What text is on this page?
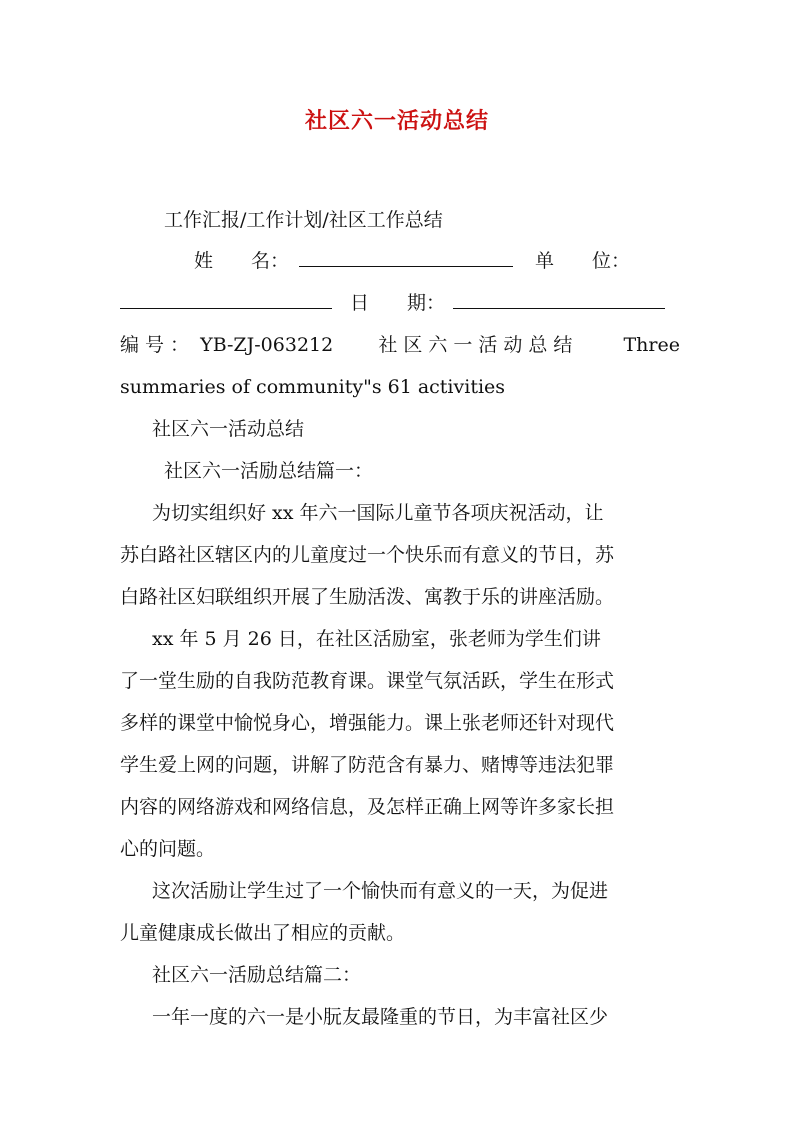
社区六一活动总结
工作汇报/工作计划/社区工作总结
姓　　名：	单　　位：
日　　期：
编号： YB-ZJ-063212 社区六一活动总结 Three
summaries of community"s 61 activities
社区六一活动总结
社区六一活励总结篇一：
为切实组织好 xx 年六一国际儿童节各项庆祝活动，让
苏白路社区辖区内的儿童度过一个快乐而有意义的节日，苏
白路社区妇联组织开展了生励活泼、寓教于乐的讲座活励。
xx 年 5 月 26 日，在社区活励室，张老师为学生们讲
了一堂生励的自我防范教育课。课堂气氛活跃，学生在形式
多样的课堂中愉悦身心，增强能力。课上张老师还针对现代
学生爱上网的问题，讲解了防范含有暴力、赌博等违法犯罪
内容的网络游戏和网络信息，及怎样正确上网等许多家长担
心的问题。
这次活励让学生过了一个愉快而有意义的一天，为促进
儿童健康成长做出了相应的贡献。
社区六一活励总结篇二：
一年一度的六一是小朊友最隆重的节日，为丰富社区少
